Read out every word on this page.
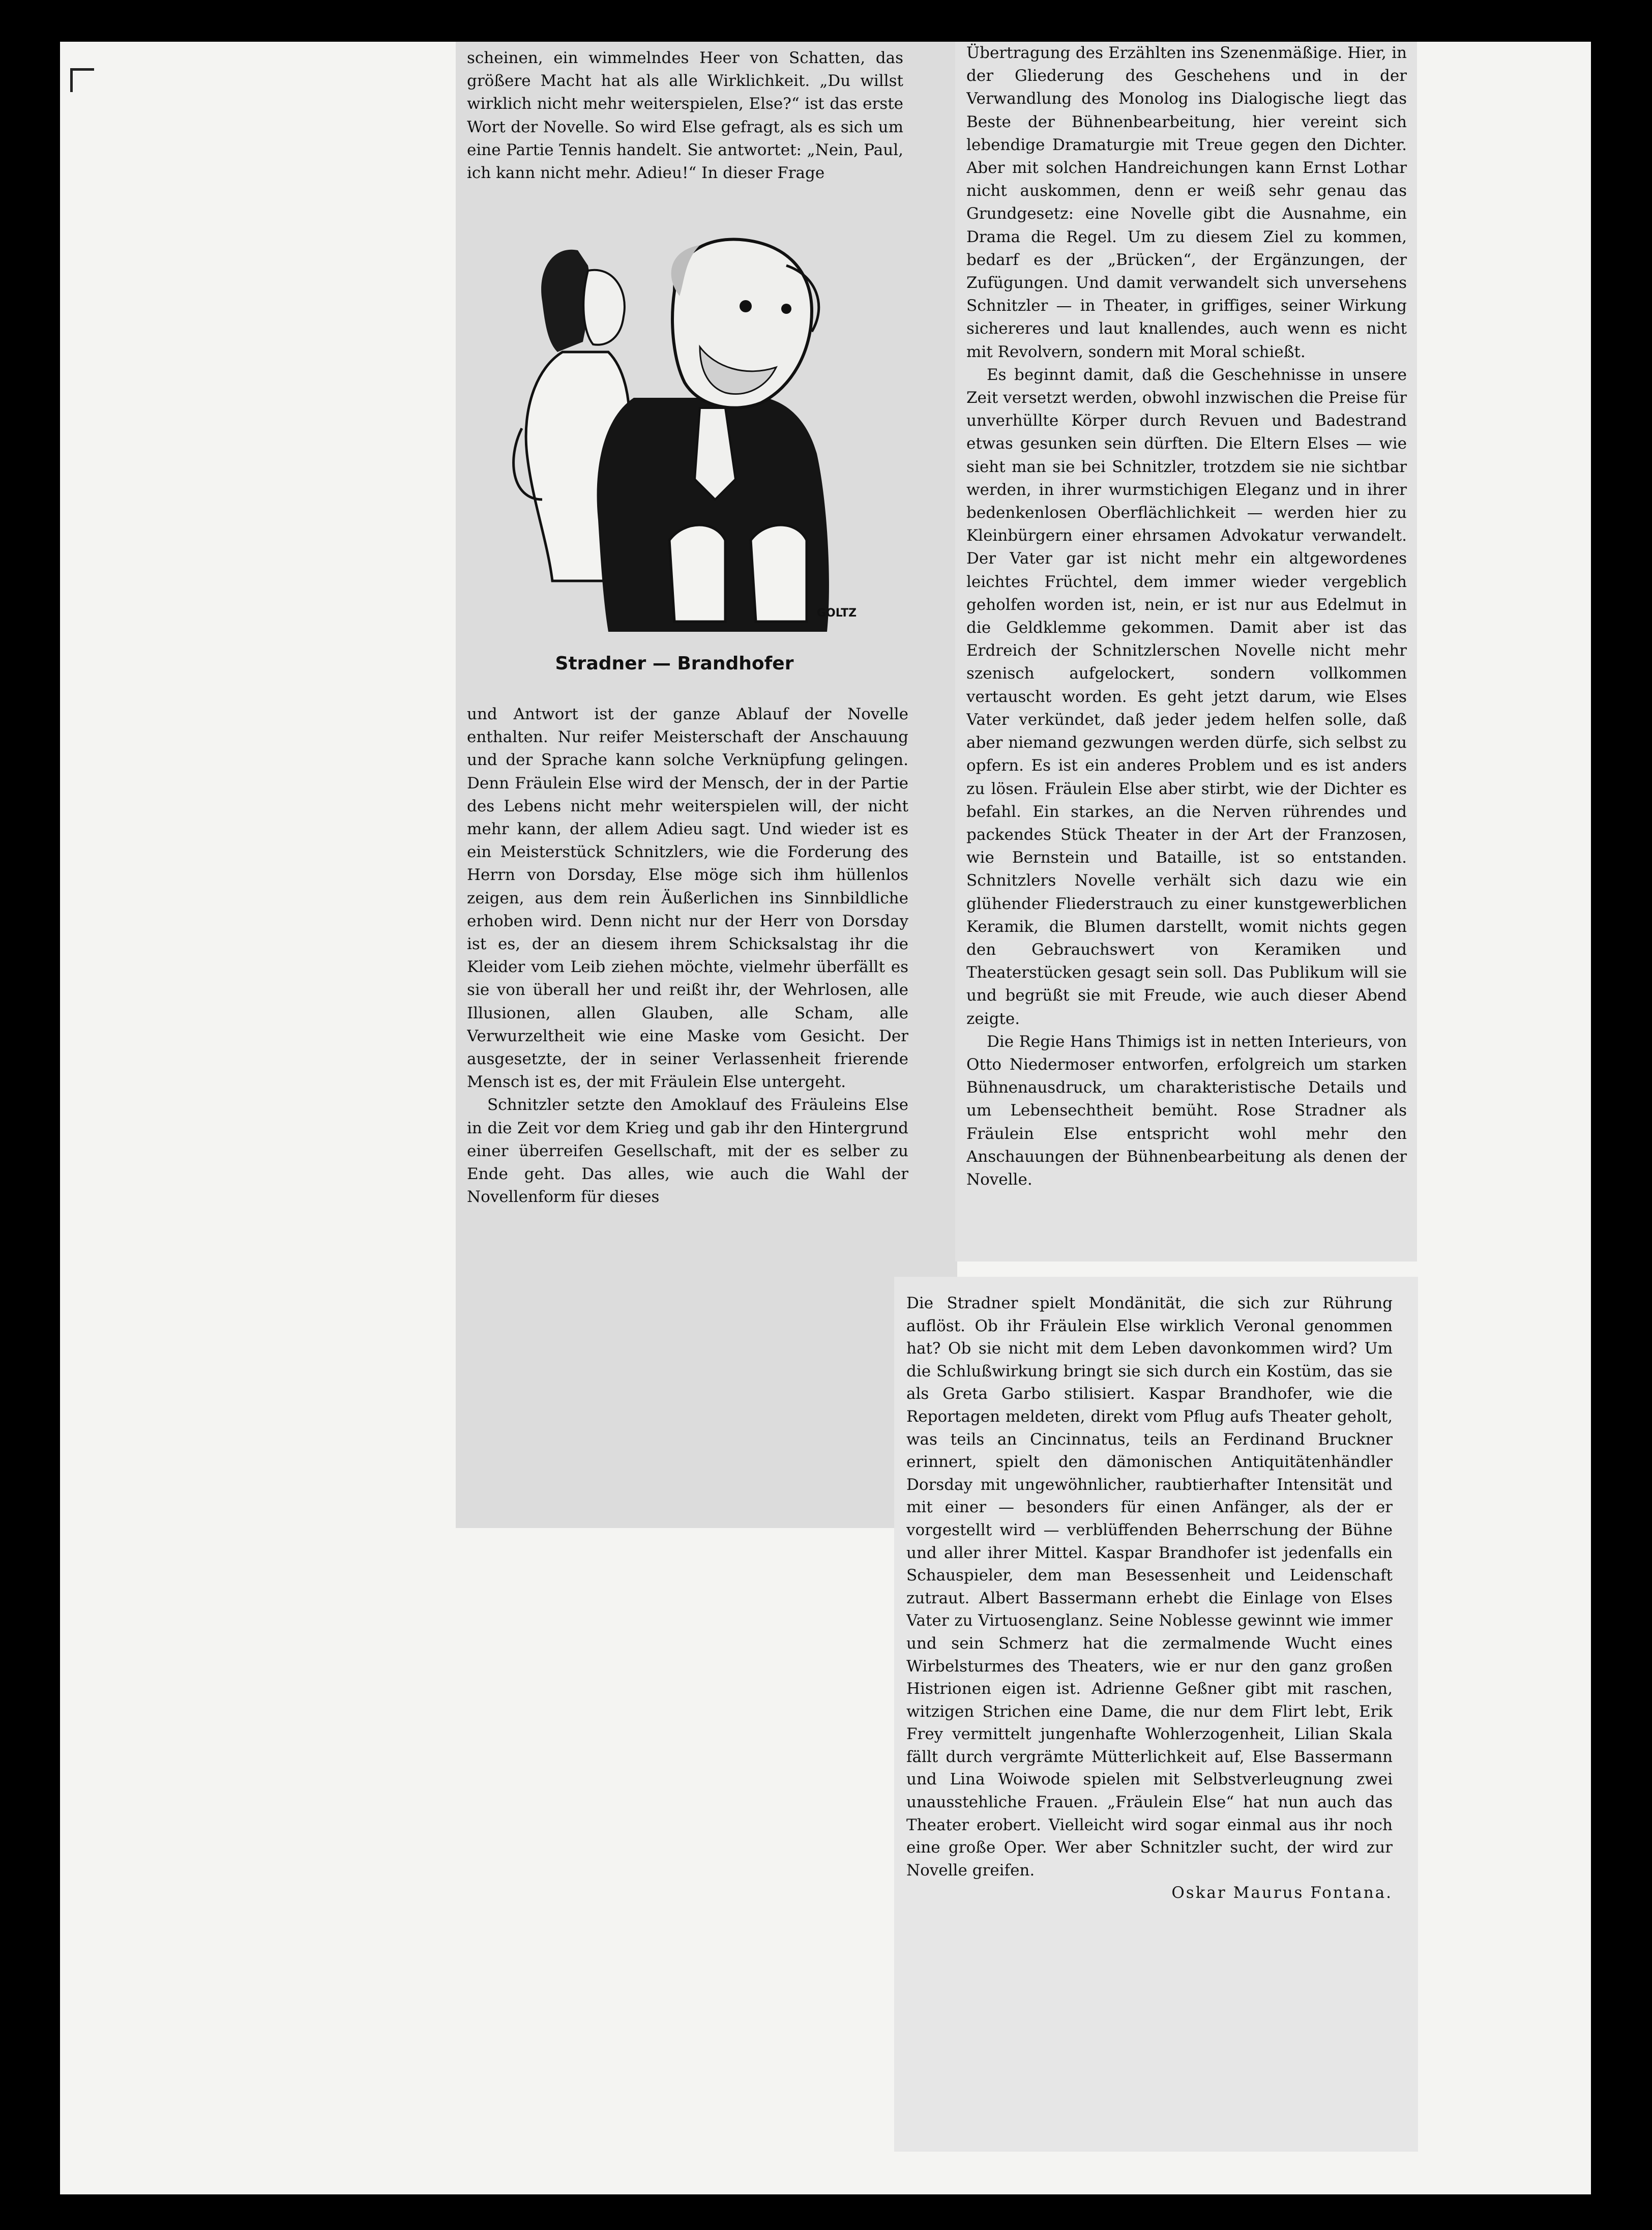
scheinen, ein wimmelndes Heer von Schatten, das größere Macht hat als alle Wirklichkeit. „Du willst wirklich nicht mehr weiterspielen, Else?“ ist das erste Wort der Novelle. So wird Else gefragt, als es sich um eine Partie Tennis handelt. Sie antwortet: „Nein, Paul, ich kann nicht mehr. Adieu!“ In dieser Frage

GOLTZ
Stradner — Brandhofer

und Antwort ist der ganze Ablauf der Novelle enthalten. Nur reifer Meisterschaft der Anschauung und der Sprache kann solche Verknüpfung gelingen. Denn Fräulein Else wird der Mensch, der in der Partie des Lebens nicht mehr weiterspielen will, der nicht mehr kann, der allem Adieu sagt. Und wieder ist es ein Meisterstück Schnitzlers, wie die Forderung des Herrn von Dorsday, Else möge sich ihm hüllenlos zeigen, aus dem rein Äußerlichen ins Sinnbildliche erhoben wird. Denn nicht nur der Herr von Dorsday ist es, der an diesem ihrem Schicksalstag ihr die Kleider vom Leib ziehen möchte, vielmehr überfällt es sie von überall her und reißt ihr, der Wehrlosen, alle Illusionen, allen Glauben, alle Scham, alle Verwurzeltheit wie eine Maske vom Gesicht. Der ausgesetzte, der in seiner Verlassenheit frierende Mensch ist es, der mit Fräulein Else untergeht.

Schnitzler setzte den Amoklauf des Fräuleins Else in die Zeit vor dem Krieg und gab ihr den Hintergrund einer überreifen Gesellschaft, mit der es selber zu Ende geht. Das alles, wie auch die Wahl der Novellenform für dieses

Übertragung des Erzählten ins Szenenmäßige. Hier, in der Gliederung des Geschehens und in der Verwandlung des Monolog ins Dialogische liegt das Beste der Bühnenbearbeitung, hier vereint sich lebendige Dramaturgie mit Treue gegen den Dichter. Aber mit solchen Handreichungen kann Ernst Lothar nicht auskommen, denn er weiß sehr genau das Grundgesetz: eine Novelle gibt die Ausnahme, ein Drama die Regel. Um zu diesem Ziel zu kommen, bedarf es der „Brücken“, der Ergänzungen, der Zufügungen. Und damit verwandelt sich unversehens Schnitzler — in Theater, in griffiges, seiner Wirkung sichereres und laut knallendes, auch wenn es nicht mit Revolvern, sondern mit Moral schießt.

Es beginnt damit, daß die Geschehnisse in unsere Zeit versetzt werden, obwohl inzwischen die Preise für unverhüllte Körper durch Revuen und Badestrand etwas gesunken sein dürften. Die Eltern Elses — wie sieht man sie bei Schnitzler, trotzdem sie nie sichtbar werden, in ihrer wurmstichigen Eleganz und in ihrer bedenkenlosen Oberflächlichkeit — werden hier zu Kleinbürgern einer ehrsamen Advokatur verwandelt. Der Vater gar ist nicht mehr ein altgewordenes leichtes Früchtel, dem immer wieder vergeblich geholfen worden ist, nein, er ist nur aus Edelmut in die Geldklemme gekommen. Damit aber ist das Erdreich der Schnitzlerschen Novelle nicht mehr szenisch aufgelockert, sondern vollkommen vertauscht worden. Es geht jetzt darum, wie Elses Vater verkündet, daß jeder jedem helfen solle, daß aber niemand gezwungen werden dürfe, sich selbst zu opfern. Es ist ein anderes Problem und es ist anders zu lösen. Fräulein Else aber stirbt, wie der Dichter es befahl. Ein starkes, an die Nerven rührendes und packendes Stück Theater in der Art der Franzosen, wie Bernstein und Bataille, ist so entstanden. Schnitzlers Novelle verhält sich dazu wie ein glühender Fliederstrauch zu einer kunstgewerblichen Keramik, die Blumen darstellt, womit nichts gegen den Gebrauchswert von Keramiken und Theaterstücken gesagt sein soll. Das Publikum will sie und begrüßt sie mit Freude, wie auch dieser Abend zeigte.

Die Regie Hans Thimigs ist in netten Interieurs, von Otto Niedermoser entworfen, erfolgreich um starken Bühnenausdruck, um charakteristische Details und um Lebensechtheit bemüht. Rose Stradner als Fräulein Else entspricht wohl mehr den Anschauungen der Bühnenbearbeitung als denen der Novelle.

Die Stradner spielt Mondänität, die sich zur Rührung auflöst. Ob ihr Fräulein Else wirklich Veronal genommen hat? Ob sie nicht mit dem Leben davonkommen wird? Um die Schlußwirkung bringt sie sich durch ein Kostüm, das sie als Greta Garbo stilisiert. Kaspar Brandhofer, wie die Reportagen meldeten, direkt vom Pflug aufs Theater geholt, was teils an Cincinnatus, teils an Ferdinand Bruckner erinnert, spielt den dämonischen Antiquitätenhändler Dorsday mit ungewöhnlicher, raubtierhafter Intensität und mit einer — besonders für einen Anfänger, als der er vorgestellt wird — verblüffenden Beherrschung der Bühne und aller ihrer Mittel. Kaspar Brandhofer ist jedenfalls ein Schauspieler, dem man Besessenheit und Leidenschaft zutraut. Albert Bassermann erhebt die Einlage von Elses Vater zu Virtuosenglanz. Seine Noblesse gewinnt wie immer und sein Schmerz hat die zermalmende Wucht eines Wirbelsturmes des Theaters, wie er nur den ganz großen Histrionen eigen ist. Adrienne Geßner gibt mit raschen, witzigen Strichen eine Dame, die nur dem Flirt lebt, Erik Frey vermittelt jungenhafte Wohlerzogenheit, Lilian Skala fällt durch vergrämte Mütterlichkeit auf, Else Bassermann und Lina Woiwode spielen mit Selbstverleugnung zwei unausstehliche Frauen. „Fräulein Else“ hat nun auch das Theater erobert. Vielleicht wird sogar einmal aus ihr noch eine große Oper. Wer aber Schnitzler sucht, der wird zur Novelle greifen.

Oskar Maurus Fontana.
